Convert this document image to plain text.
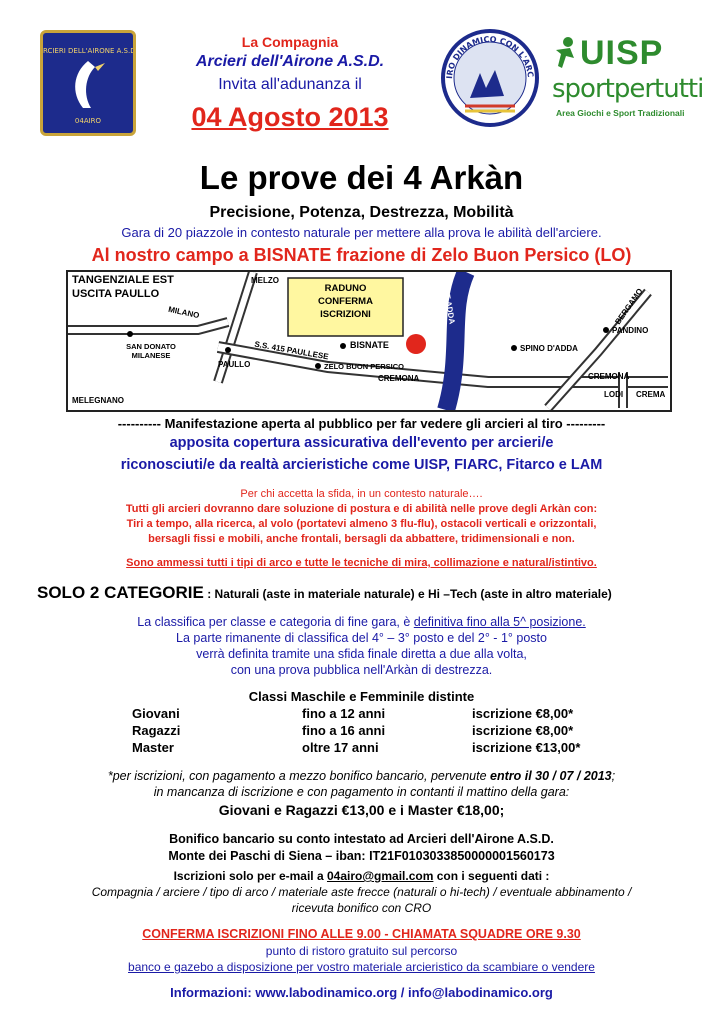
ARCIERI DELL'AIRONE A.S.D.
04AIRO
La Compagnia
Arcieri dell'Airone A.S.D.
Invita all'adunanza il
04 Agosto 2013
IRO DINAMICO CON L'ARC
UISP
sportpertutti
Area Giochi e Sport Tradizionali
Le prove dei 4 Arkàn
Precisione, Potenza, Destrezza, Mobilità
Gara di 20 piazzole in contesto naturale per mettere alla prova le abilità dell'arciere.
Al nostro campo a BISNATE frazione di Zelo Buon Persico (LO)
TANGENZIALE EST
USCITA PAULLO
MELZO
RADUNO
CONFERMA
ISCRIZIONI	FIUME ADDA
MILANO
S.S. 415 PAULLESE BISNATE	SPINO D'ADDA
LODI
BERGAMO
PANDINO
SAN DONATO
MILANESE
PAULLO
CREMONA	CREMONA
ZELO BUON PERSICO
CREMA
MELEGNANO
---------- Manifestazione aperta al pubblico per far vedere gli arcieri al tiro ---------
apposita copertura assicurativa dell'evento per arcieri/e
riconosciuti/e da realtà arcieristiche come UISP, FIARC, Fitarco e LAM
Per chi accetta la sfida, in un contesto naturale….
Tutti gli arcieri dovranno dare soluzione di postura e di abilità nelle prove degli Arkàn con:
Tiri a tempo, alla ricerca, al volo (portatevi almeno 3 flu-flu), ostacoli verticali e orizzontali,
bersagli fissi e mobili, anche frontali, bersagli da abbattere, tridimensionali e non.
Sono ammessi tutti i tipi di arco e tutte le tecniche di mira, collimazione e natural/istintivo.
SOLO 2 CATEGORIE : Naturali (aste in materiale naturale) e Hi –Tech (aste in altro materiale)
La classifica per classe e categoria di fine gara, è definitiva fino alla 5^ posizione.
La parte rimanente di classifica del 4° – 3° posto e del 2° - 1° posto
verrà definita tramite una sfida finale diretta a due alla volta,
con una prova pubblica nell'Arkàn di destrezza.
Classi Maschile e Femminile distinte
Giovani	fino a 12 anni	iscrizione €8,00*
Ragazzi	fino a 16 anni	iscrizione €8,00*
Master	oltre 17 anni	iscrizione €13,00*
*per iscrizioni, con pagamento a mezzo bonifico bancario, pervenute entro il 30 / 07 / 2013;
in mancanza di iscrizione e con pagamento in contanti il mattino della gara:
Giovani e Ragazzi €13,00 e i Master €18,00;
Bonifico bancario su conto intestato ad Arcieri dell'Airone A.S.D.
Monte dei Paschi di Siena – iban: IT21F0103033850000001560173
Iscrizioni solo per e-mail a 04airo@gmail.com con i seguenti dati :
Compagnia / arciere / tipo di arco / materiale aste frecce (naturali o hi-tech) / eventuale abbinamento /
ricevuta bonifico con CRO
CONFERMA ISCRIZIONI FINO ALLE 9.00 - CHIAMATA SQUADRE ORE 9.30
punto di ristoro gratuito sul percorso
banco e gazebo a disposizione per vostro materiale arcieristico da scambiare o vendere
Informazioni: www.labodinamico.org / info@labodinamico.org
